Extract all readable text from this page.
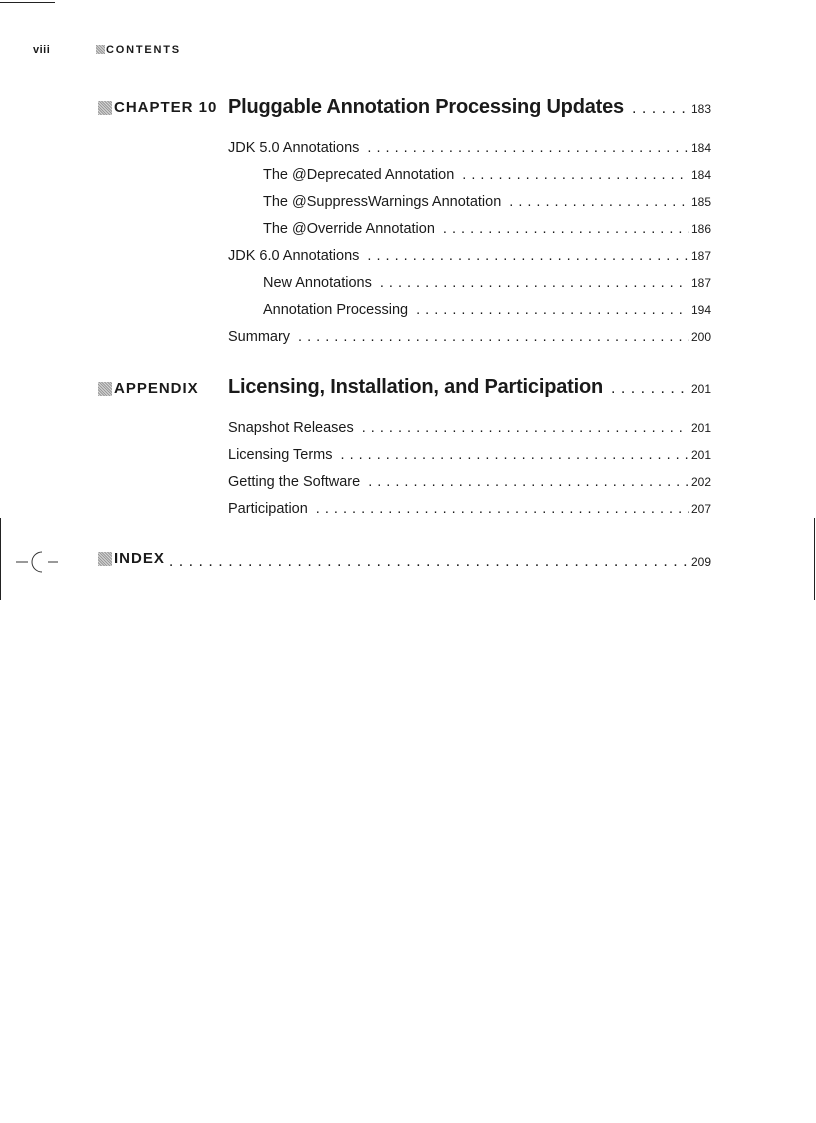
viii	CONTENTS
CHAPTER 10 Pluggable Annotation Processing Updates . . .	183
JDK 5.0 Annotations . . .	184
The @Deprecated Annotation . . .	184
The @SuppressWarnings Annotation . . .	185
The @Override Annotation . . .	186
JDK 6.0 Annotations . . .	187
New Annotations . . .	187
Annotation Processing . . .	194
Summary . . .	200
APPENDIX Licensing, Installation, and Participation . . .	201
Snapshot Releases . . .	201
Licensing Terms . . .	201
Getting the Software . . .	202
Participation . . .	207
INDEX . . .	209
